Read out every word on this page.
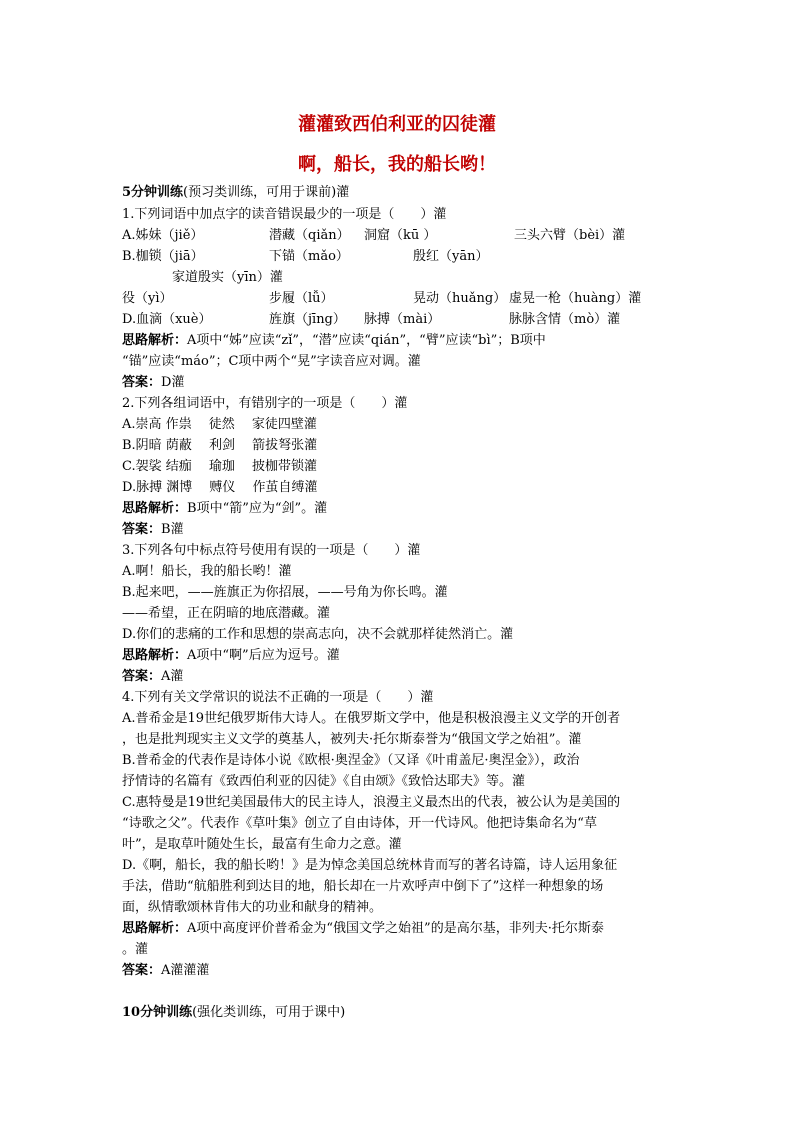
灌灌致西伯利亚的囚徒灌
啊，船长，我的船长哟！
5分钟训练(预习类训练，可用于课前)灌
1.下列词语中加点字的读音错误最少的一项是（　　）灌
A.姊妹（jiě）	潜藏（qiǎn） 洞窟（kū ）	三头六臂（bèi）灌
B.枷锁（jiā）	下锚（mǎo）	殷红（yān）
家道殷实（yīn）灌
役（yì）	步履（lǚ）	晃动（huǎng） 虚晃一枪（huàng）灌
D.血滴（xuè）	旌旗（jīng） 脉搏（mài）	脉脉含情（mò）灌
思路解析：A项中“姊”应读“zǐ”，“潜”应读“qián”，“臂”应读“bì”；B项中
“锚”应读“máo”；C项中两个“晃”字读音应对调。灌
答案：D灌
2.下列各组词语中，有错别字的一项是（　　）灌
A.崇高 作祟　 徒然　 家徒四壁灌
B.阴暗 荫蔽　 利剑　 箭拔弩张灌
C.袈裟 结痂　 瑜珈　 披枷带锁灌
D.脉搏 渊博　 赙仪　 作茧自缚灌
思路解析：B项中“箭”应为“剑”。灌
答案：B灌
3.下列各句中标点符号使用有误的一项是（　　）灌
A.啊！船长，我的船长哟！灌
B.起来吧，——旌旗正为你招展，——号角为你长鸣。灌
——希望，正在阴暗的地底潜藏。灌
D.你们的悲痛的工作和思想的崇高志向，决不会就那样徒然消亡。灌
思路解析：A项中“啊”后应为逗号。灌
答案：A灌
4.下列有关文学常识的说法不正确的一项是（　　）灌
A.普希金是19世纪俄罗斯伟大诗人。在俄罗斯文学中，他是积极浪漫主义文学的开创者
，也是批判现实主义文学的奠基人，被列夫·托尔斯泰誉为“俄国文学之始祖”。灌
B.普希金的代表作是诗体小说《欧根·奥涅金》（又译《叶甫盖尼·奥涅金》），政治
抒情诗的名篇有《致西伯利亚的囚徒》《自由颂》《致恰达耶夫》等。灌
C.惠特曼是19世纪美国最伟大的民主诗人，浪漫主义最杰出的代表，被公认为是美国的
“诗歌之父”。代表作《草叶集》创立了自由诗体，开一代诗风。他把诗集命名为“草
叶”，是取草叶随处生长，最富有生命力之意。灌
D.《啊，船长，我的船长哟！》是为悼念美国总统林肯而写的著名诗篇，诗人运用象征
手法，借助“航船胜利到达目的地，船长却在一片欢呼声中倒下了”这样一种想象的场
面，纵情歌颂林肯伟大的功业和献身的精神。
思路解析：A项中高度评价普希金为“俄国文学之始祖”的是高尔基，非列夫·托尔斯泰
。灌
答案：A灌灌灌
10分钟训练(强化类训练，可用于课中)
